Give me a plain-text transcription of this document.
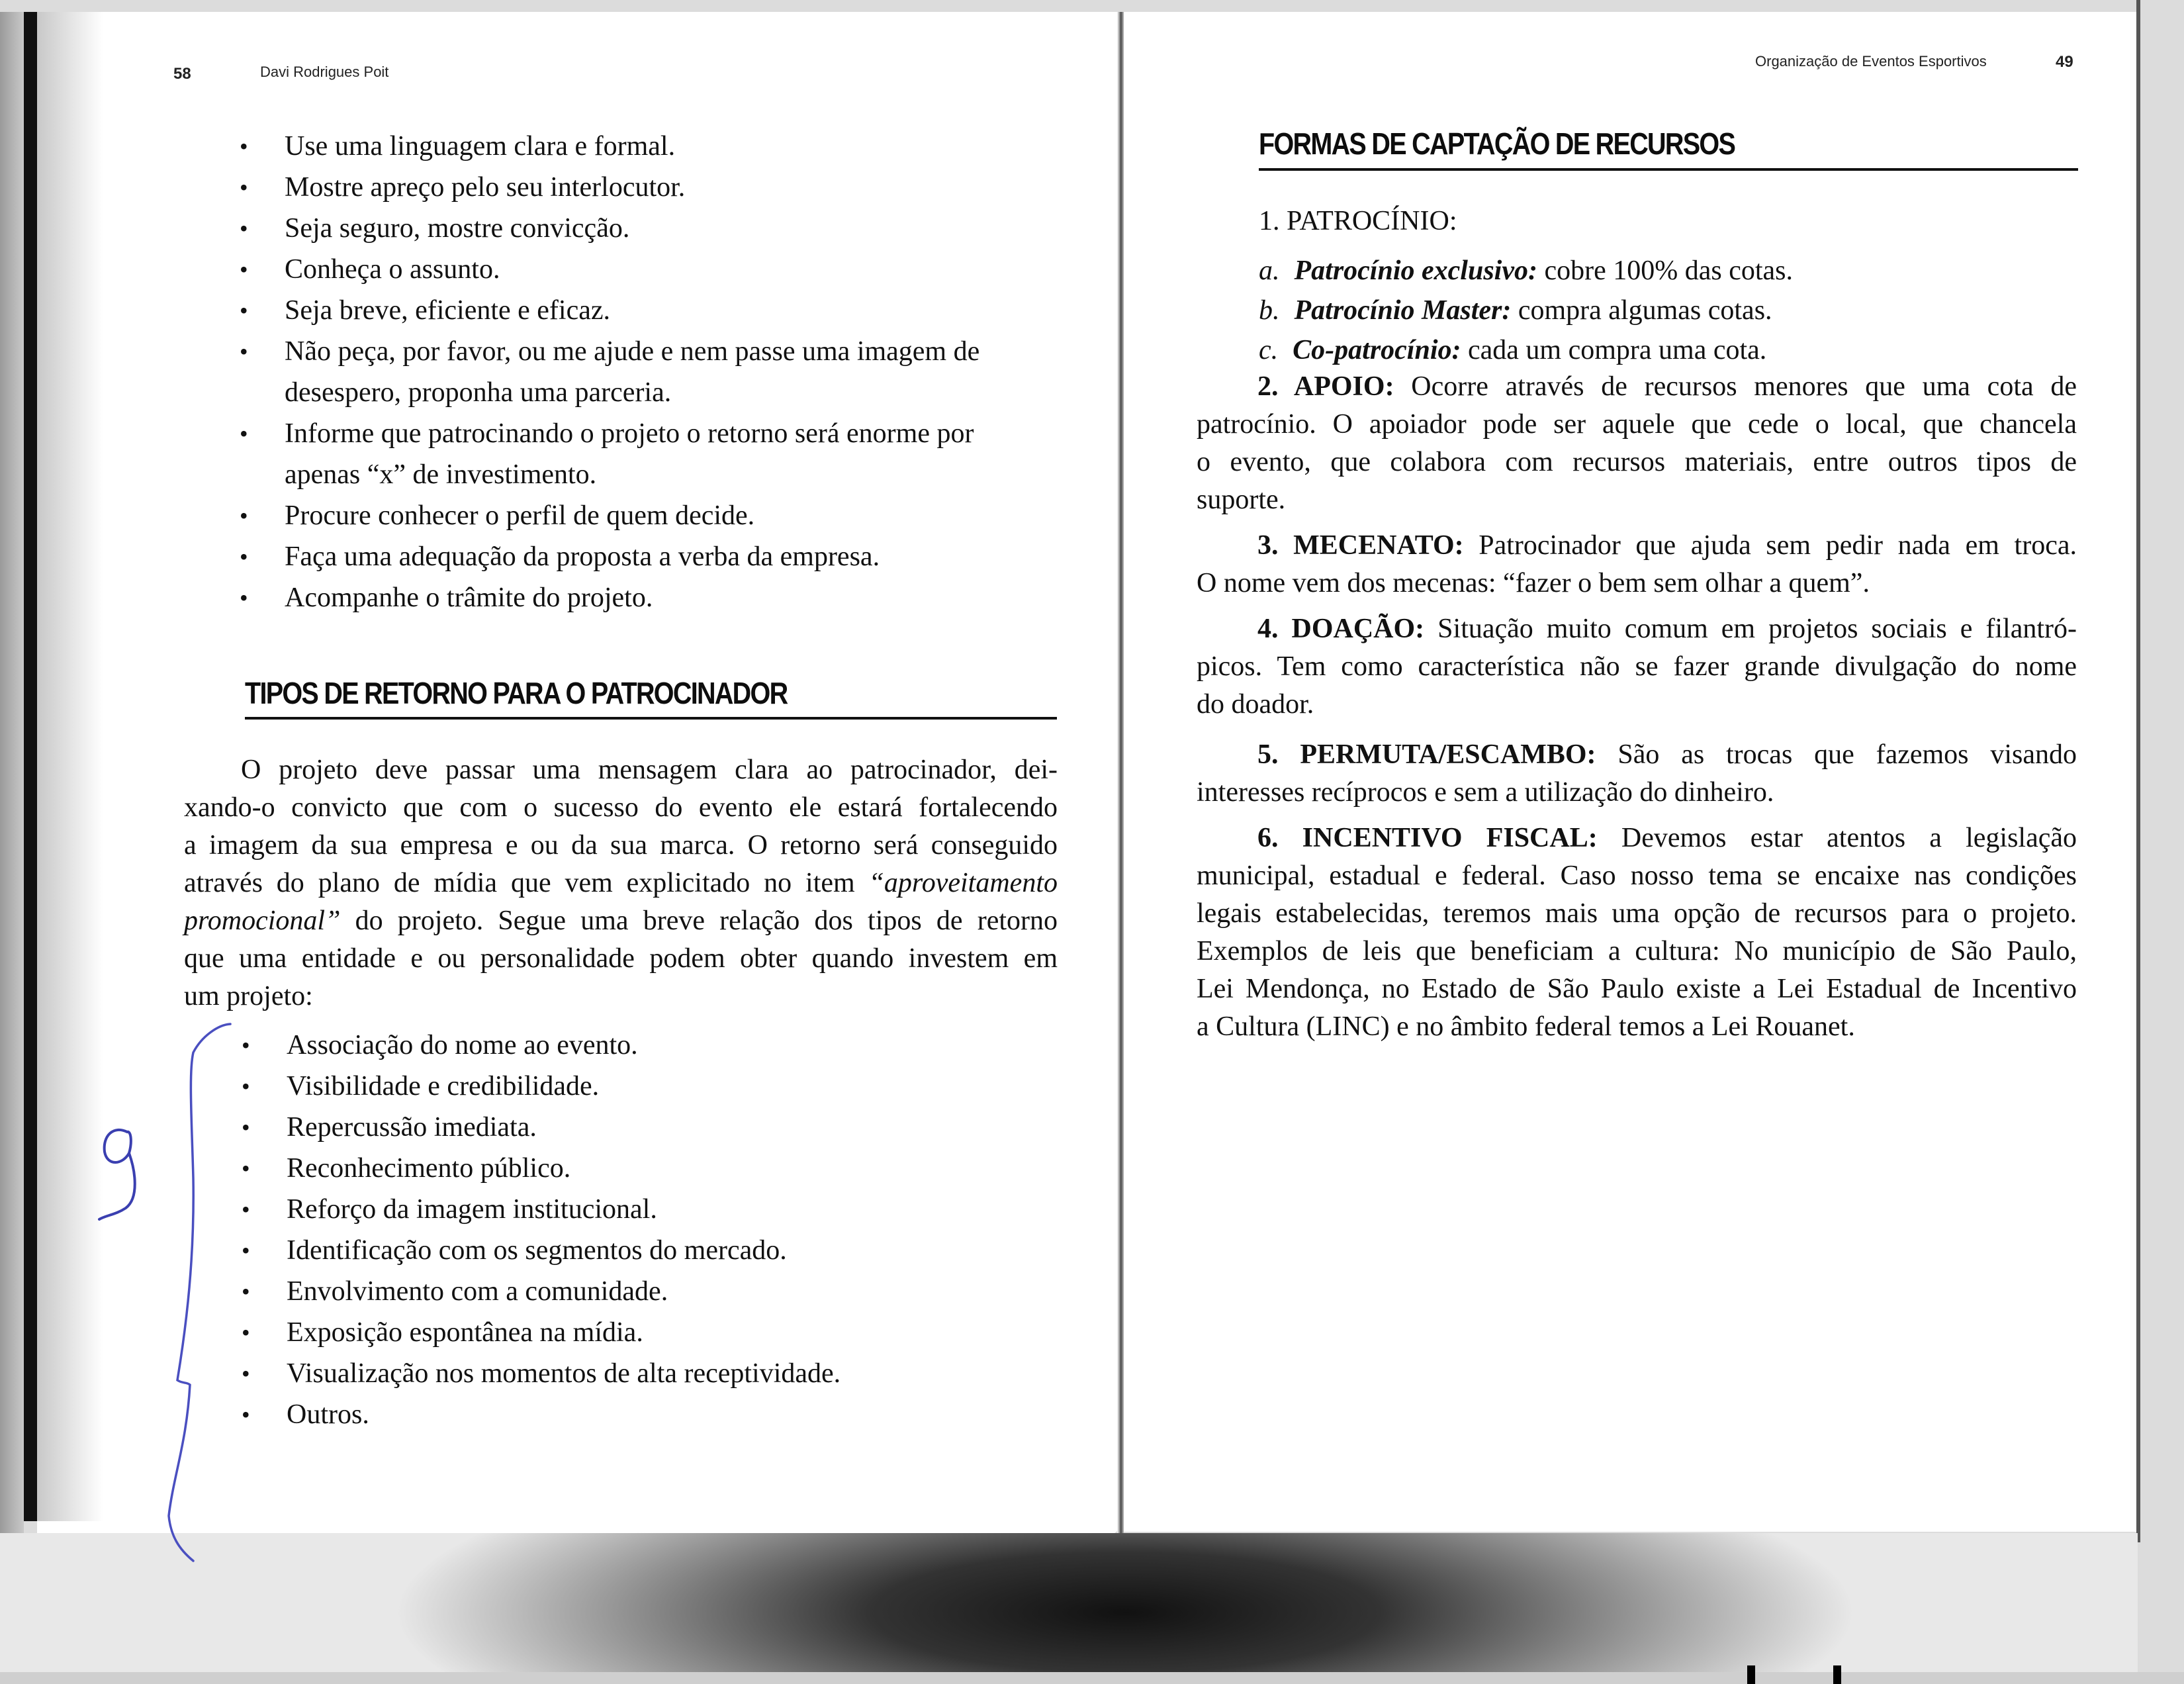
58	Davi Rodrigues Poit
• Use uma linguagem clara e formal.
• Mostre apreço pelo seu interlocutor.
• Seja seguro, mostre convicção.
• Conheça o assunto.
• Seja breve, eficiente e eficaz.
• Não peça, por favor, ou me ajude e nem passe uma imagem de
desespero, proponha uma parceria.
• Informe que patrocinando o projeto o retorno será enorme por
apenas “x” de investimento.
• Procure conhecer o perfil de quem decide.
• Faça uma adequação da proposta a verba da empresa.
• Acompanhe o trâmite do projeto.
TIPOS DE RETORNO PARA O PATROCINADOR
O projeto deve passar uma mensagem clara ao patrocinador, dei-
xando-o convicto que com o sucesso do evento ele estará fortalecendo
a imagem da sua empresa e ou da sua marca. O retorno será conseguido
através do plano de mídia que vem explicitado no item “aproveitamento
promocional” do projeto. Segue uma breve relação dos tipos de retorno
que uma entidade e ou personalidade podem obter quando investem em
um projeto:
• Associação do nome ao evento.
• Visibilidade e credibilidade.
• Repercussão imediata.
• Reconhecimento público.
• Reforço da imagem institucional.
• Identificação com os segmentos do mercado.
• Envolvimento com a comunidade.
• Exposição espontânea na mídia.
• Visualização nos momentos de alta receptividade.
• Outros.
Organização de Eventos Esportivos	49
FORMAS DE CAPTAÇÃO DE RECURSOS
1. PATROCÍNIO:
a. Patrocínio exclusivo: cobre 100% das cotas.
b. Patrocínio Master: compra algumas cotas.
c. Co-patrocínio: cada um compra uma cota.
2. APOIO: Ocorre através de recursos menores que uma cota de
patrocínio. O apoiador pode ser aquele que cede o local, que chancela
o evento, que colabora com recursos materiais, entre outros tipos de
suporte.
3. MECENATO: Patrocinador que ajuda sem pedir nada em troca.
O nome vem dos mecenas: “fazer o bem sem olhar a quem”.
4. DOAÇÃO: Situação muito comum em projetos sociais e filantró-
picos. Tem como característica não se fazer grande divulgação do nome
do doador.
5. PERMUTA/ESCAMBO: São as trocas que fazemos visando
interesses recíprocos e sem a utilização do dinheiro.
6. INCENTIVO FISCAL: Devemos estar atentos a legislação
municipal, estadual e federal. Caso nosso tema se encaixe nas condições
legais estabelecidas, teremos mais uma opção de recursos para o projeto.
Exemplos de leis que beneficiam a cultura: No município de São Paulo,
Lei Mendonça, no Estado de São Paulo existe a Lei Estadual de Incentivo
a Cultura (LINC) e no âmbito federal temos a Lei Rouanet.
